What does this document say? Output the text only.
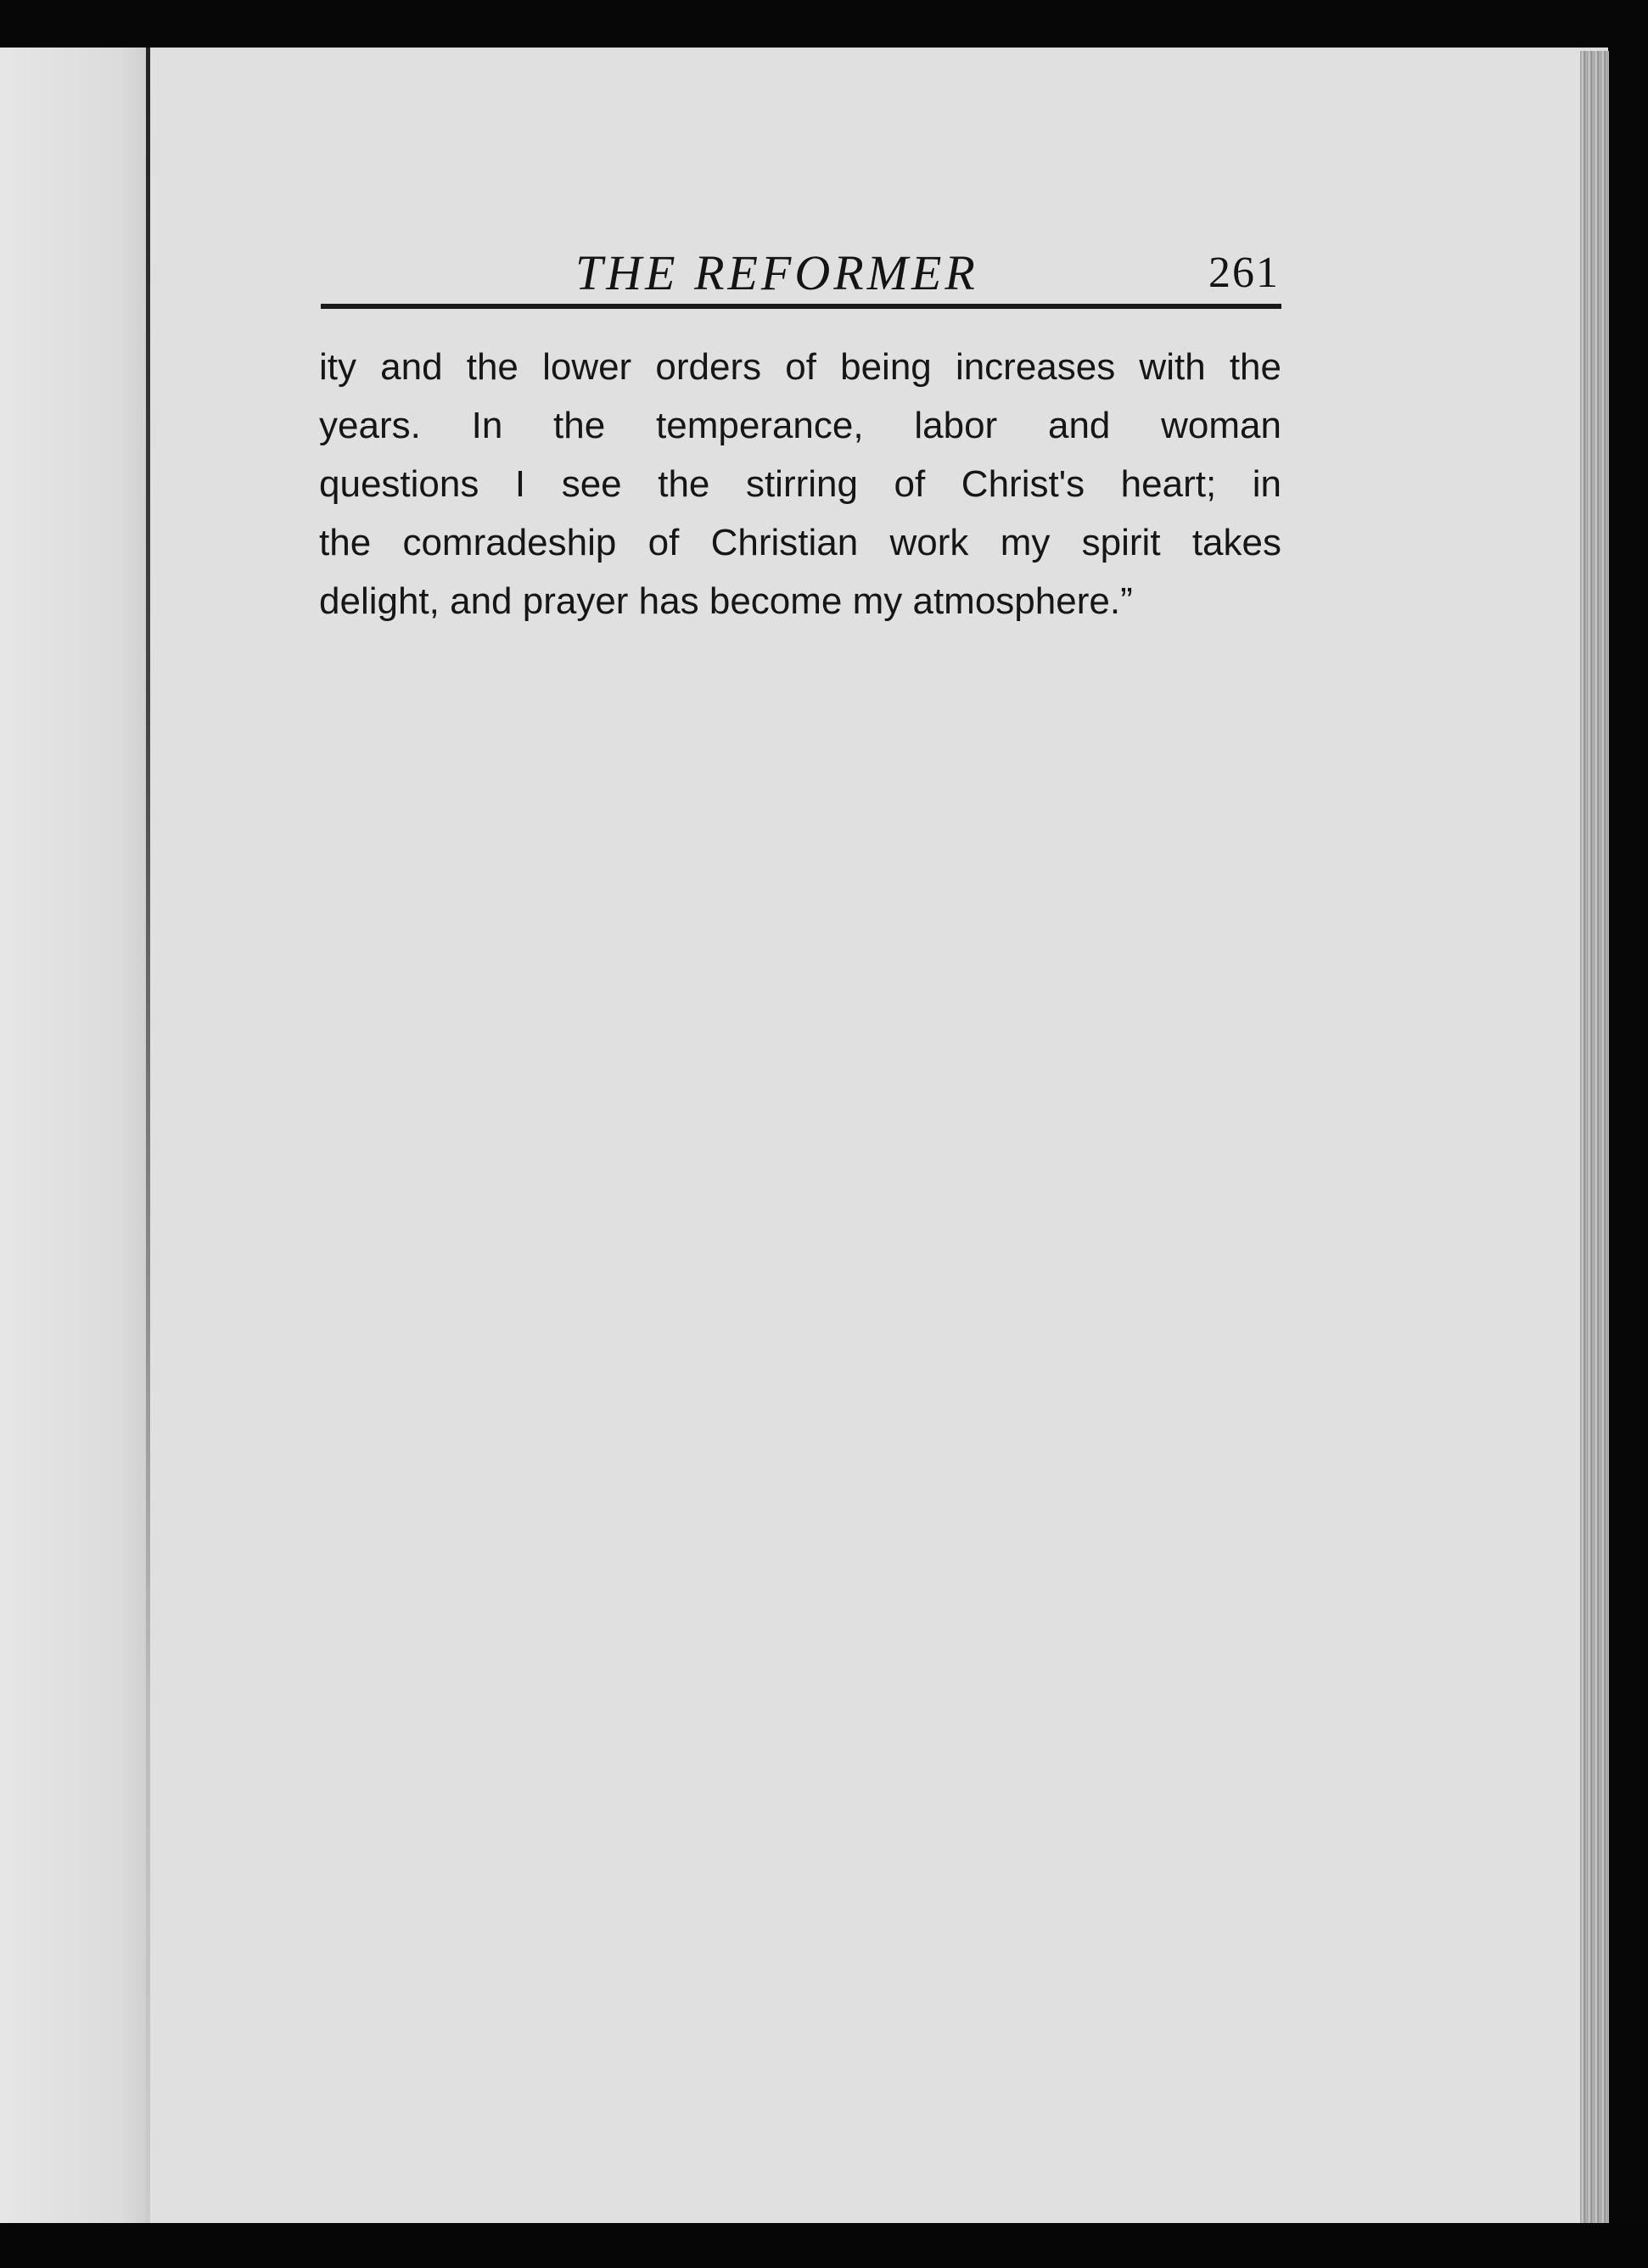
THE REFORMER	261
ity and the lower orders of being increases with the
years. In the temperance, labor and woman
questions I see the stirring of Christ's heart; in
the comradeship of Christian work my spirit takes
delight, and prayer has become my atmosphere.”
